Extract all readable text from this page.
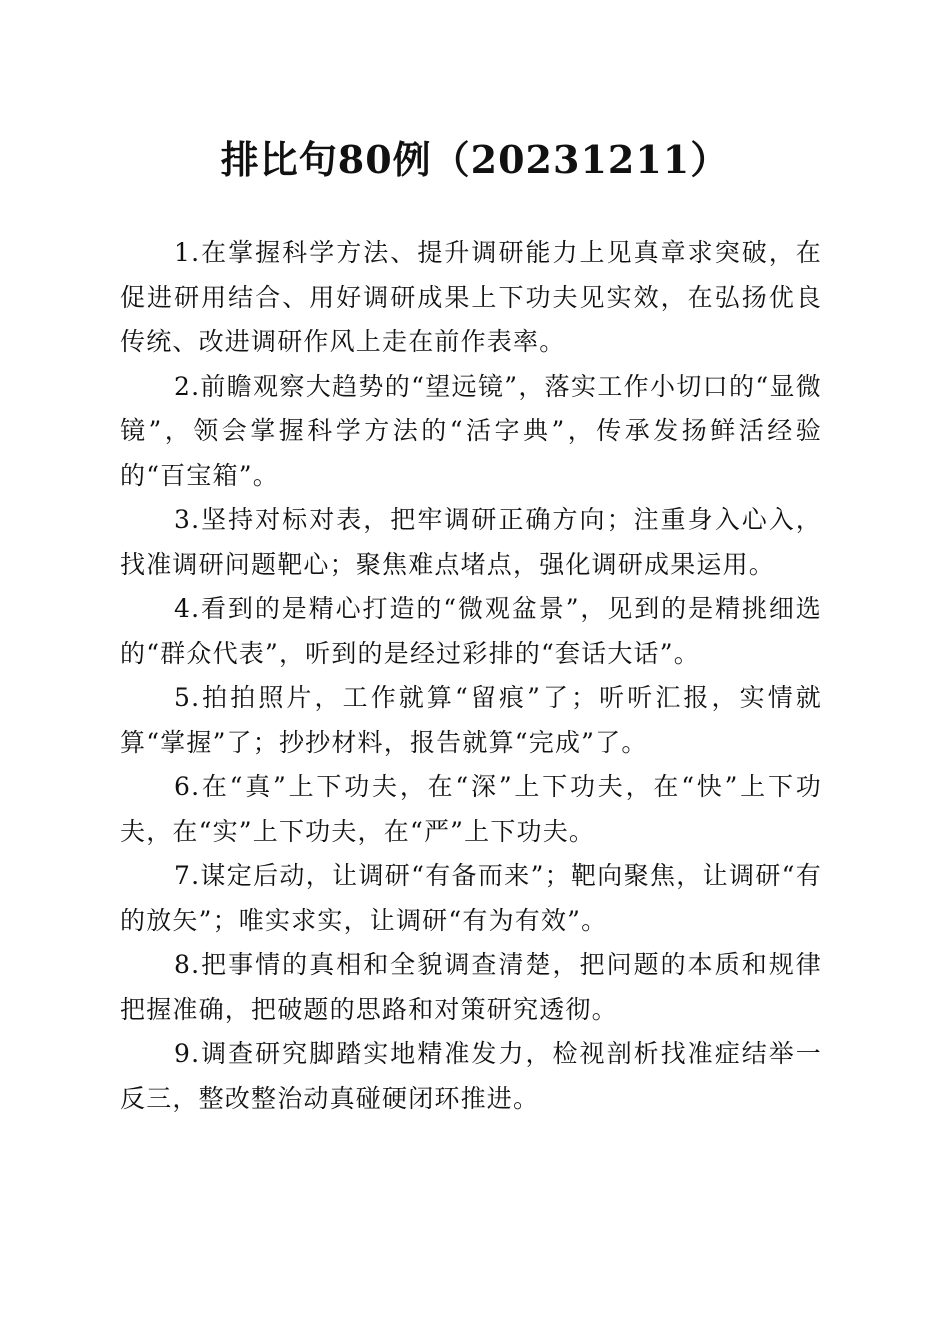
排比句80例（20231211）

1.在掌握科学方法、提升调研能力上见真章求突破，在促进研用结合、用好调研成果上下功夫见实效，在弘扬优良传统、改进调研作风上走在前作表率。

2.前瞻观察大趋势的“望远镜”，落实工作小切口的“显微镜”，领会掌握科学方法的“活字典”，传承发扬鲜活经验的“百宝箱”。

3.坚持对标对表，把牢调研正确方向；注重身入心入，找准调研问题靶心；聚焦难点堵点，强化调研成果运用。

4.看到的是精心打造的“微观盆景”，见到的是精挑细选的“群众代表”，听到的是经过彩排的“套话大话”。

5.拍拍照片，工作就算“留痕”了；听听汇报，实情就算“掌握”了；抄抄材料，报告就算“完成”了。

6.在“真”上下功夫，在“深”上下功夫，在“快”上下功夫，在“实”上下功夫，在“严”上下功夫。

7.谋定后动，让调研“有备而来”；靶向聚焦，让调研“有的放矢”；唯实求实，让调研“有为有效”。

8.把事情的真相和全貌调查清楚，把问题的本质和规律把握准确，把破题的思路和对策研究透彻。

9.调查研究脚踏实地精准发力，检视剖析找准症结举一反三，整改整治动真碰硬闭环推进。
